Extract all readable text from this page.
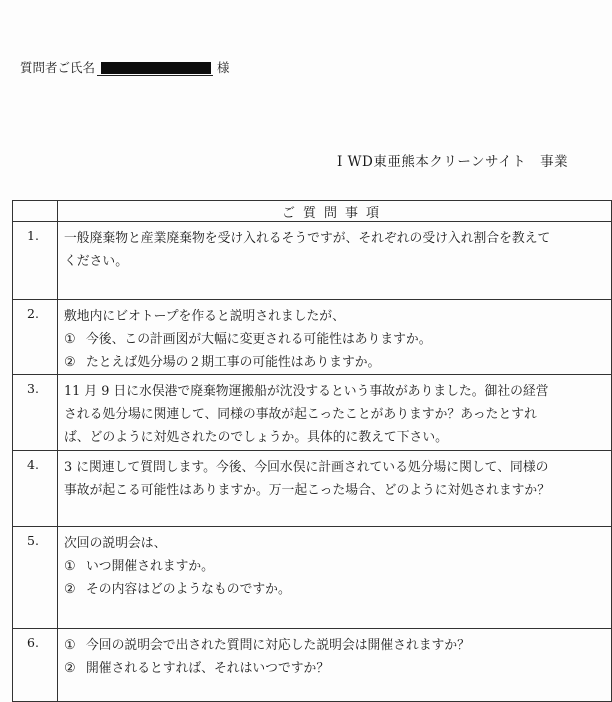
質問者ご氏名	様
I WD東亜熊本クリーンサイト　事業
	ご質問事項
1.	一般廃棄物と産業廃棄物を受け入れるそうですが、それぞれの受け入れ割合を教えて
ください。

2.	敷地内にビオトープを作ると説明されましたが、
① 今後、この計画図が大幅に変更される可能性はありますか。
② たとえば処分場の２期工事の可能性はありますか。

3.	11 月 9 日に水俣港で廃棄物運搬船が沈没するという事故がありました。御社の経営
される処分場に関連して、同様の事故が起こったことがありますか？あったとすれ
ば、どのように対処されたのでしょうか。具体的に教えて下さい。

4.	3 に関連して質問します。今後、今回水俣に計画されている処分場に関して、同様の
事故が起こる可能性はありますか。万一起こった場合、どのように対処されますか？

5.	次回の説明会は、
① いつ開催されますか。
② その内容はどのようなものですか。

6.	① 今回の説明会で出された質問に対応した説明会は開催されますか？
② 開催されるとすれば、それはいつですか？
